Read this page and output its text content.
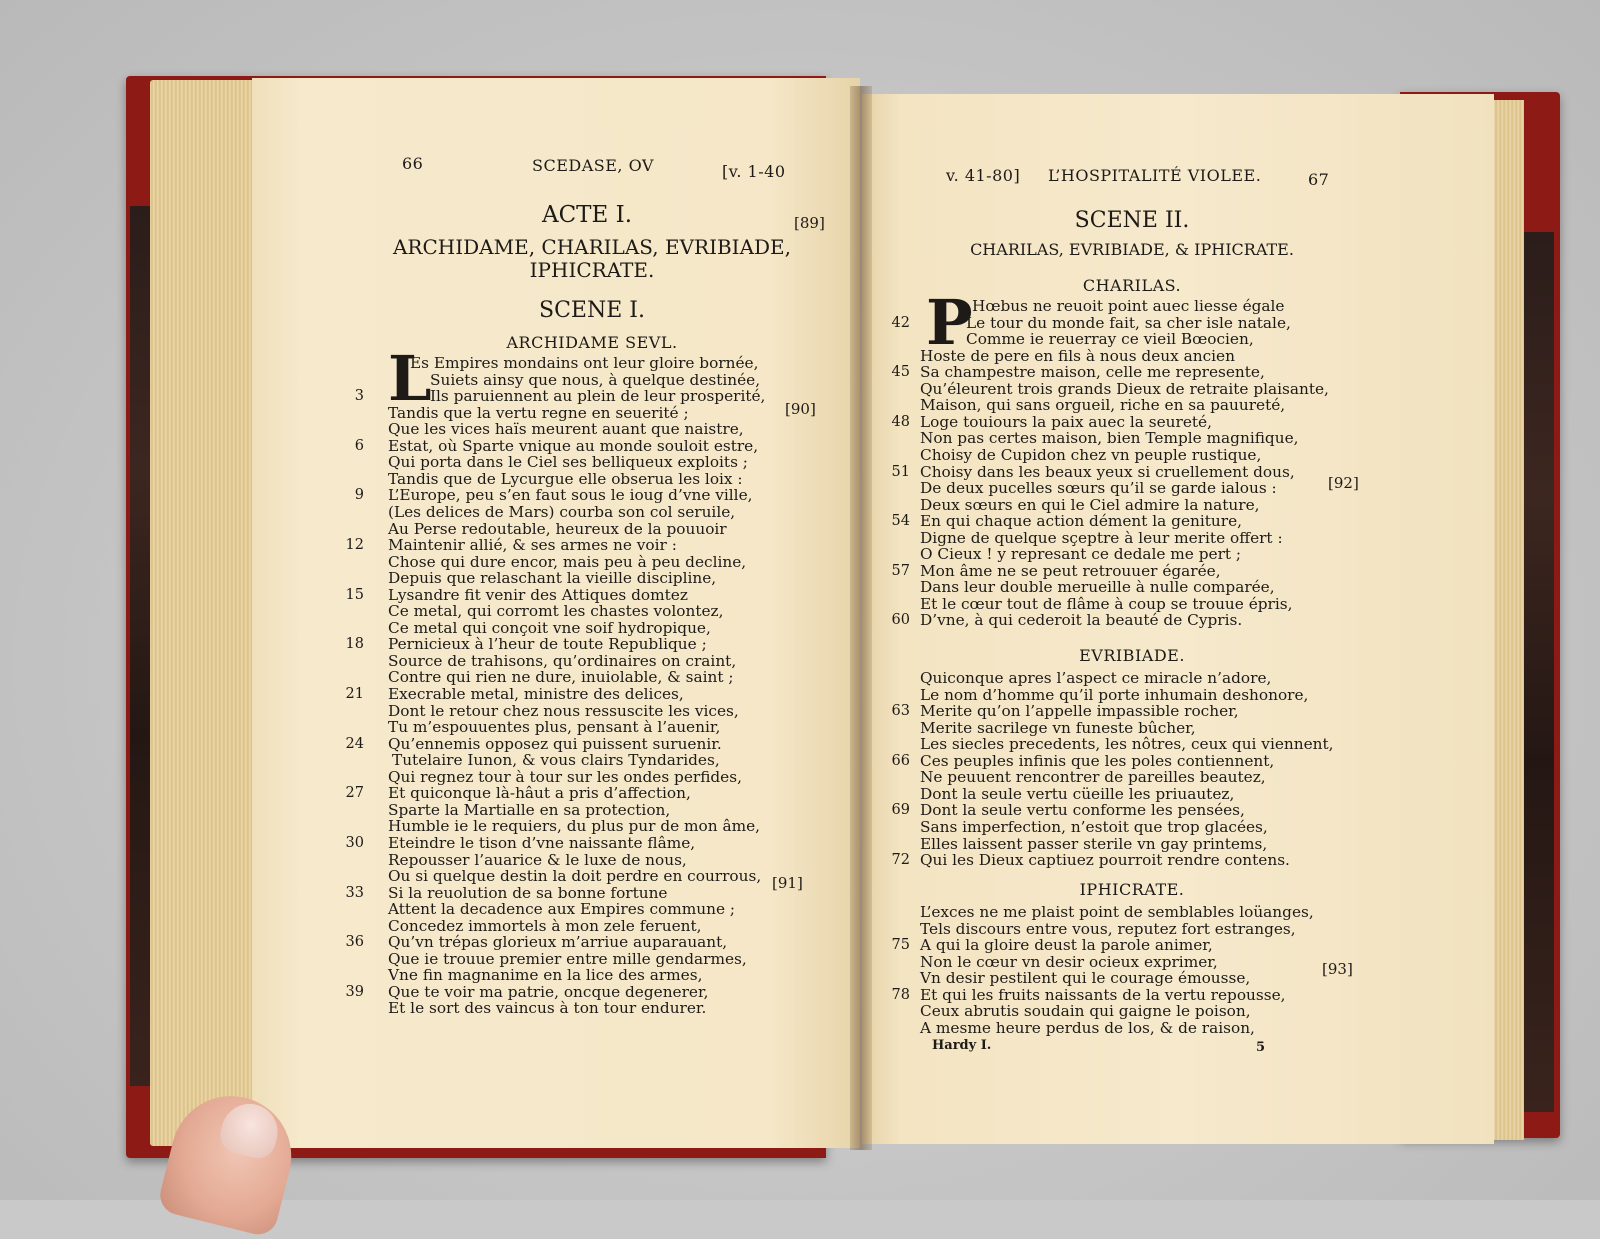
66	SCEDASE, OV	[v. 1-40
ACTE I.	[89]
ARCHIDAME, CHARILAS, EVRIBIADE,
IPHICRATE.
SCENE I.
ARCHIDAME SEVL.
L
Es Empires mondains ont leur gloire bornée,
Suiets ainsy que nous, à quelque destinée,
Ils paruiennent au plein de leur prosperité,
Tandis que la vertu regne en seuerité ;
Que les vices haïs meurent auant que naistre,
Estat, où Sparte vnique au monde souloit estre,
Qui porta dans le Ciel ses belliqueux exploits ;
Tandis que de Lycurgue elle obserua les loix :
L’Europe, peu s’en faut sous le ioug d’vne ville,
(Les delices de Mars) courba son col seruile,
Au Perse redoutable, heureux de la pouuoir
Maintenir allié, & ses armes ne voir :
Chose qui dure encor, mais peu à peu decline,
Depuis que relaschant la vieille discipline,
Lysandre fit venir des Attiques domtez
Ce metal, qui corromt les chastes volontez,
Ce metal qui conçoit vne soif hydropique,
Pernicieux à l’heur de toute Republique ;
Source de trahisons, qu’ordinaires on craint,
Contre qui rien ne dure, inuiolable, & saint ;
Execrable metal, ministre des delices,
Dont le retour chez nous ressuscite les vices,
Tu m’espouuentes plus, pensant à l’auenir,
Qu’ennemis opposez qui puissent suruenir.
Tutelaire Iunon, & vous clairs Tyndarides,
Qui regnez tour à tour sur les ondes perfides,
Et quiconque là-hâut a pris d’affection,
Sparte la Martialle en sa protection,
Humble ie le requiers, du plus pur de mon âme,
Eteindre le tison d’vne naissante flâme,
Repousser l’auarice & le luxe de nous,
Ou si quelque destin la doit perdre en courrous,
Si la reuolution de sa bonne fortune
Attent la decadence aux Empires commune ;
Concedez immortels à mon zele feruent,
Qu’vn trépas glorieux m’arriue auparauant,
Que ie trouue premier entre mille gendarmes,
Vne fin magnanime en la lice des armes,
Que te voir ma patrie, oncque degenerer,
Et le sort des vaincus à ton tour endurer.
3
6
9
12
15
18
21
24
27
30
33
36
39
[90]
[91]
v. 41-80] L’HOSPITALITÉ VIOLEE.	67
SCENE II.
CHARILAS, EVRIBIADE, & IPHICRATE.
CHARILAS.
P Hœbus ne reuoit point auec liesse égale
Le tour du monde fait, sa cher isle natale,
Comme ie reuerray ce vieil Bœocien,
Hoste de pere en fils à nous deux ancien
Sa champestre maison, celle me represente,
Qu’éleurent trois grands Dieux de retraite plaisante,
Maison, qui sans orgueil, riche en sa pauureté,
Loge touiours la paix auec la seureté,
Non pas certes maison, bien Temple magnifique,
Choisy de Cupidon chez vn peuple rustique,
Choisy dans les beaux yeux si cruellement dous,
De deux pucelles sœurs qu’il se garde ialous :
Deux sœurs en qui le Ciel admire la nature,
En qui chaque action dément la geniture,
Digne de quelque sçeptre à leur merite offert :
O Cieux ! y represant ce dedale me pert ;
Mon âme ne se peut retrouuer égarée,
Dans leur double merueille à nulle comparée,
Et le cœur tout de flâme à coup se trouue épris,
D’vne, à qui cederoit la beauté de Cypris.
EVRIBIADE.
Quiconque apres l’aspect ce miracle n’adore,
Le nom d’homme qu’il porte inhumain deshonore,
Merite qu’on l’appelle impassible rocher,
Merite sacrilege vn funeste bûcher,
Les siecles precedents, les nôtres, ceux qui viennent,
Ces peuples infinis que les poles contiennent,
Ne peuuent rencontrer de pareilles beautez,
Dont la seule vertu cüeille les priuautez,
Dont la seule vertu conforme les pensées,
Sans imperfection, n’estoit que trop glacées,
Elles laissent passer sterile vn gay printems,
Qui les Dieux captiuez pourroit rendre contens.
IPHICRATE.
L’exces ne me plaist point de semblables loüanges,
Tels discours entre vous, reputez fort estranges,
A qui la gloire deust la parole animer,
Non le cœur vn desir ocieux exprimer,
Vn desir pestilent qui le courage émousse,
Et qui les fruits naissants de la vertu repousse,
Ceux abrutis soudain qui gaigne le poison,
A mesme heure perdus de los, & de raison,
42
45
48
51
54
57
60
63
66
69
72
75
78
[92]
[93]
Hardy I.	5
